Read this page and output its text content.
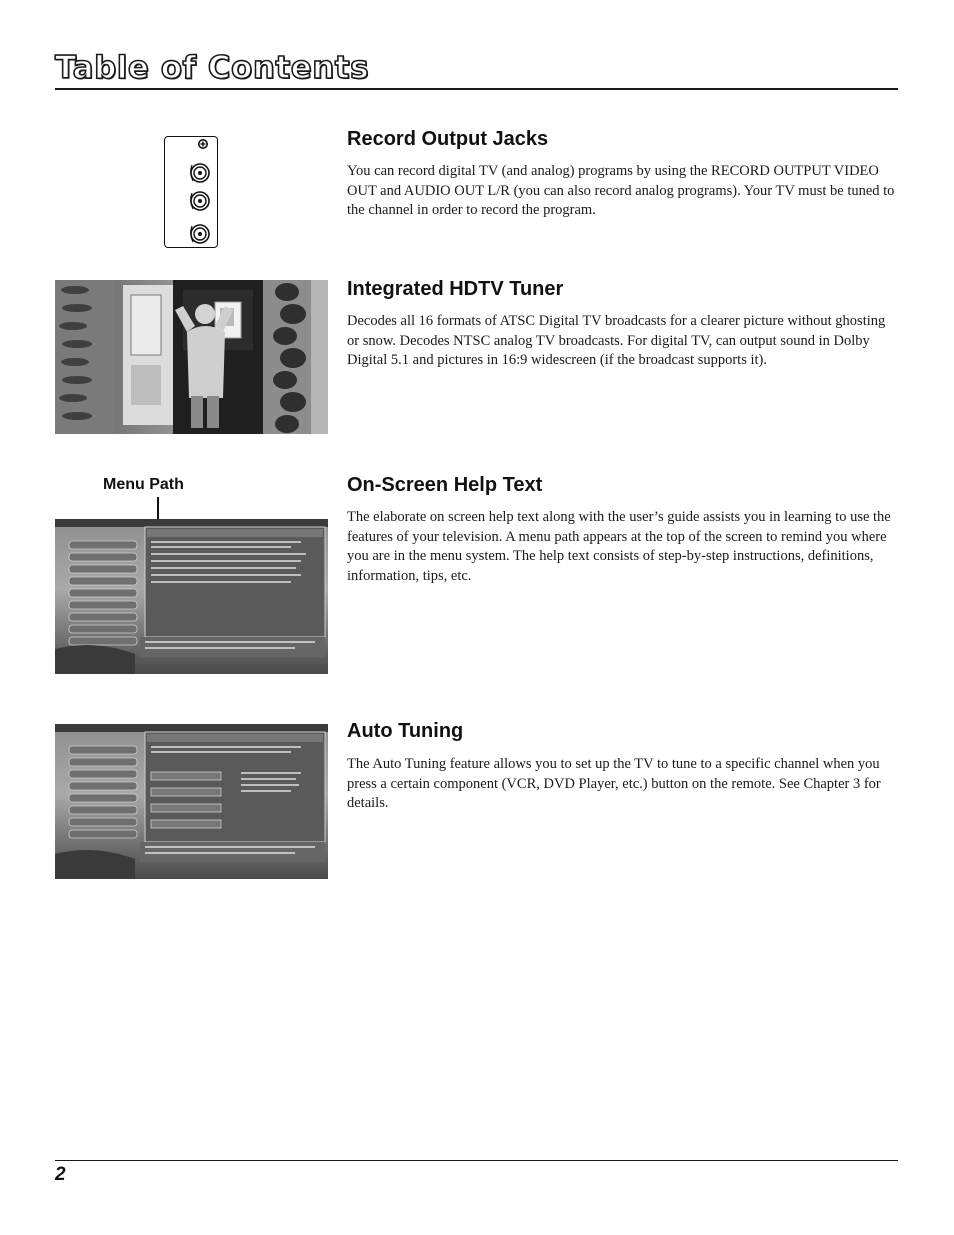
Table of Contents
Record Output Jacks

You can record digital TV (and analog) programs by using the RECORD OUTPUT VIDEO OUT and AUDIO OUT L/R (you can also record analog programs). Your TV must be tuned to the channel in order to record the program.

Integrated HDTV Tuner

Decodes all 16 formats of ATSC Digital TV broadcasts for a clearer picture without ghosting or snow. Decodes NTSC analog TV broadcasts. For digital TV, can output sound in Dolby Digital 5.1 and pictures in 16:9 widescreen (if the broadcast supports it).

Menu Path	On-Screen Help Text

The elaborate on screen help text along with the user’s guide assists you in learning to use the features of your television. A menu path appears at the top of the screen to remind you where you are in the menu system. The help text consists of step-by-step instructions, definitions, information, tips, etc.

Auto Tuning

The Auto Tuning feature allows you to set up the TV to tune to a specific channel when you press a certain component (VCR, DVD Player, etc.) button on the remote. See Chapter 3 for details.

2
